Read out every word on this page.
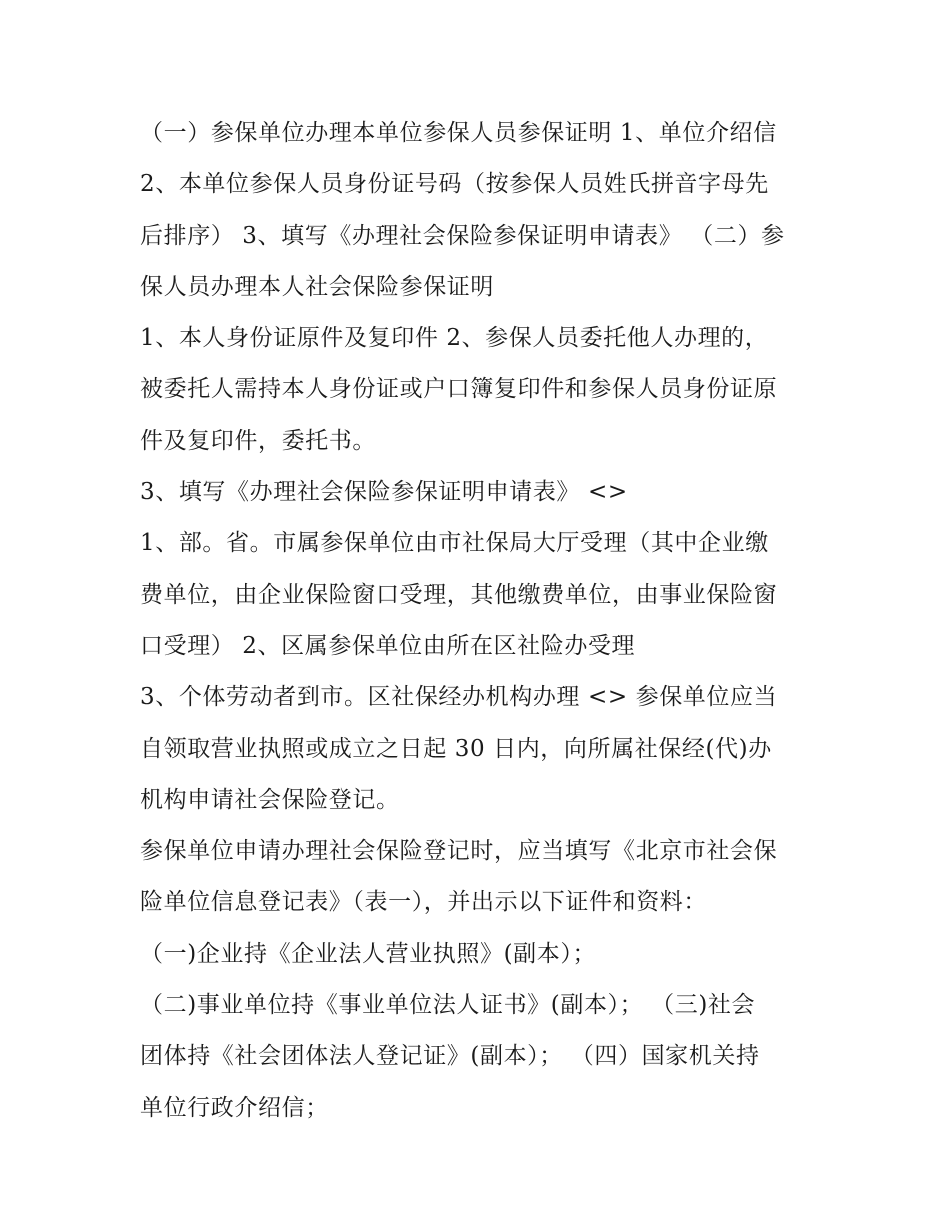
（一）参保单位办理本单位参保人员参保证明 1、单位介绍信
2、本单位参保人员身份证号码（按参保人员姓氏拼音字母先
后排序） 3、填写《办理社会保险参保证明申请表》 （二）参
保人员办理本人社会保险参保证明
1、本人身份证原件及复印件 2、参保人员委托他人办理的，
被委托人需持本人身份证或户口簿复印件和参保人员身份证原
件及复印件，委托书。
3、填写《办理社会保险参保证明申请表》 <>
1、部。省。市属参保单位由市社保局大厅受理（其中企业缴
费单位，由企业保险窗口受理，其他缴费单位，由事业保险窗
口受理） 2、区属参保单位由所在区社险办受理
3、个体劳动者到市。区社保经办机构办理 <> 参保单位应当
自领取营业执照或成立之日起 30 日内，向所属社保经(代)办
机构申请社会保险登记。
参保单位申请办理社会保险登记时，应当填写《北京市社会保
险单位信息登记表》（表一），并出示以下证件和资料：
（一)企业持《企业法人营业执照》(副本）；
（二)事业单位持《事业单位法人证书》(副本）； （三)社会
团体持《社会团体法人登记证》(副本）； （四）国家机关持
单位行政介绍信；
